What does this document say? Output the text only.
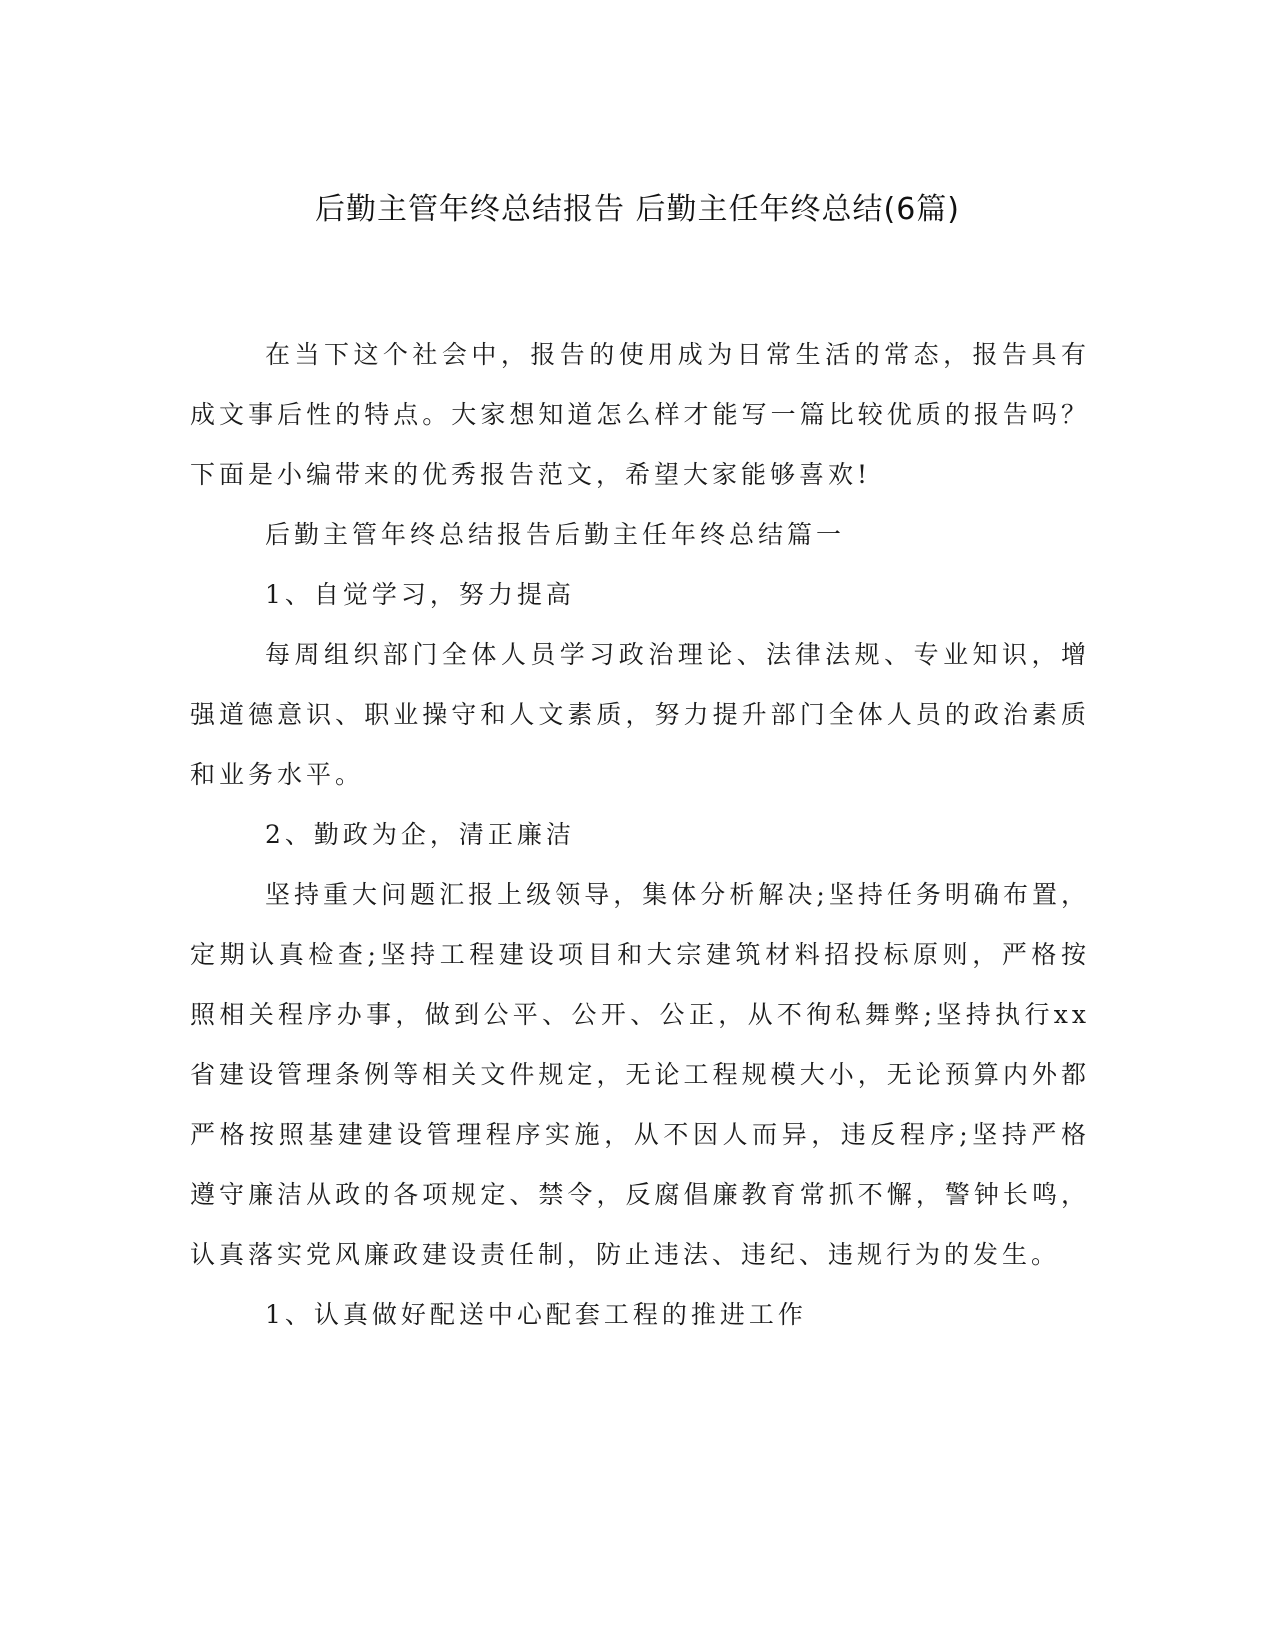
后勤主管年终总结报告 后勤主任年终总结(6篇)

在当下这个社会中，报告的使用成为日常生活的常态，报告具有成文事后性的特点。大家想知道怎么样才能写一篇比较优质的报告吗？下面是小编带来的优秀报告范文，希望大家能够喜欢!

后勤主管年终总结报告后勤主任年终总结篇一

1、自觉学习，努力提高

每周组织部门全体人员学习政治理论、法律法规、专业知识，增强道德意识、职业操守和人文素质，努力提升部门全体人员的政治素质和业务水平。

2、勤政为企，清正廉洁

坚持重大问题汇报上级领导，集体分析解决;坚持任务明确布置，定期认真检查;坚持工程建设项目和大宗建筑材料招投标原则，严格按照相关程序办事，做到公平、公开、公正，从不徇私舞弊;坚持执行xx省建设管理条例等相关文件规定，无论工程规模大小，无论预算内外都严格按照基建建设管理程序实施，从不因人而异，违反程序;坚持严格遵守廉洁从政的各项规定、禁令，反腐倡廉教育常抓不懈，警钟长鸣，认真落实党风廉政建设责任制，防止违法、违纪、违规行为的发生。

1、认真做好配送中心配套工程的推进工作
